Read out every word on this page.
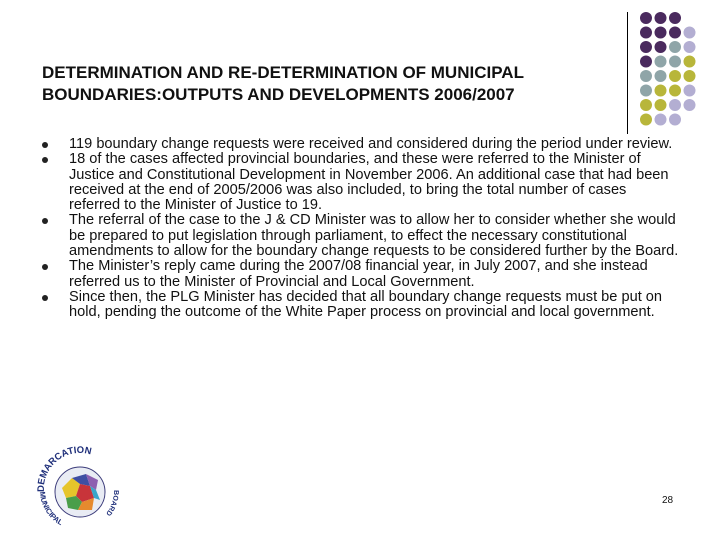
DETERMINATION AND RE-DETERMINATION OF MUNICIPAL
BOUNDARIES:OUTPUTS AND DEVELOPMENTS 2006/2007
119 boundary change requests were received and considered during the period under review.
18 of the cases affected provincial boundaries, and these were referred to the Minister of Justice and Constitutional Development in November 2006. An additional case that had been received at the end of 2005/2006 was also included, to bring the total number of cases referred to the Minister of Justice to 19.
The referral of the case to the J & CD Minister was to allow her to consider whether she would be prepared to put legislation through parliament, to effect the necessary constitutional amendments to allow for the boundary change requests to be considered further by the Board.
The Minister’s reply came during the 2007/08 financial year, in July 2007, and she instead referred us to the Minister of Provincial and Local Government.
Since then, the PLG Minister has decided that all boundary change requests must be put on hold, pending the outcome of the White Paper process on provincial and local government.
DEMARCATION
MUNICIPAL
BOARD
28
